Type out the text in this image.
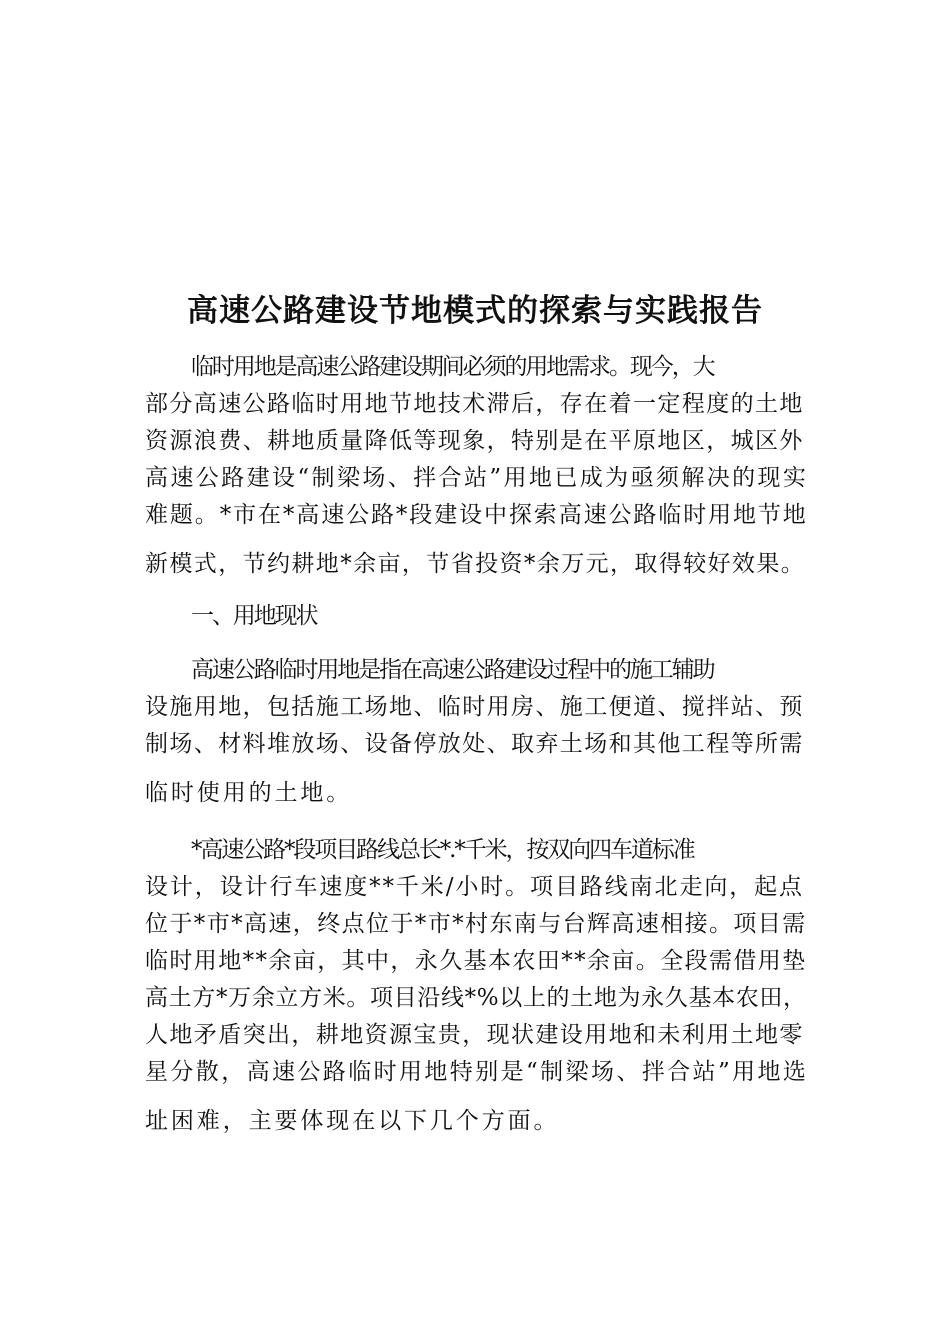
高速公路建设节地模式的探索与实践报告
临时用地是高速公路建设期间必须的用地需求。现今，大
部分高速公路临时用地节地技术滞后，存在着一定程度的土地
资源浪费、耕地质量降低等现象，特别是在平原地区，城区外
高速公路建设“制梁场、拌合站”用地已成为亟须解决的现实
难题。*市在*高速公路*段建设中探索高速公路临时用地节地
新模式，节约耕地*余亩，节省投资*余万元，取得较好效果。
一、用地现状
高速公路临时用地是指在高速公路建设过程中的施工辅助
设施用地，包括施工场地、临时用房、施工便道、搅拌站、预
制场、材料堆放场、设备停放处、取弃土场和其他工程等所需
临时使用的土地。
*高速公路*段项目路线总长*.*千米，按双向四车道标准
设计，设计行车速度**千米/小时。项目路线南北走向，起点
位于*市*高速，终点位于*市*村东南与台辉高速相接。项目需
临时用地**余亩，其中，永久基本农田**余亩。全段需借用垫
高土方*万余立方米。项目沿线*%以上的土地为永久基本农田，
人地矛盾突出，耕地资源宝贵，现状建设用地和未利用土地零
星分散，高速公路临时用地特别是“制梁场、拌合站”用地选
址困难，主要体现在以下几个方面。
